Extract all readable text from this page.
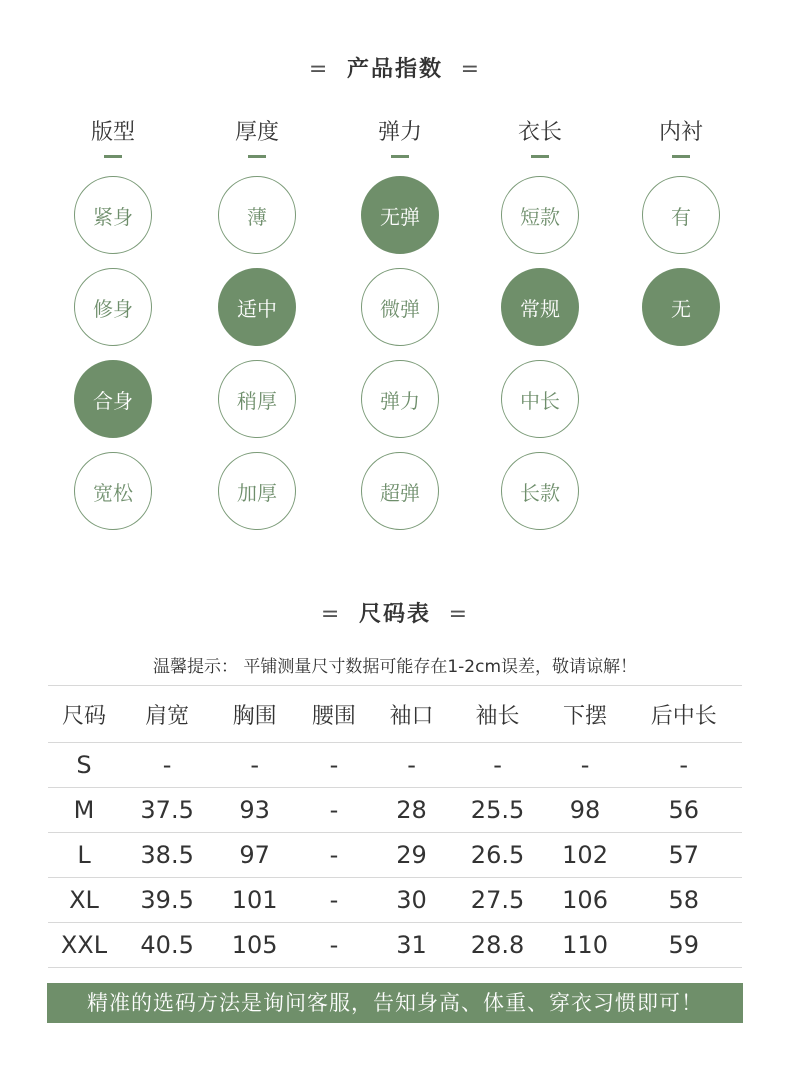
= 产品指数 =
版型
紧身
修身
合身
宽松
厚度
薄
适中
稍厚
加厚
弹力
无弹
微弹
弹力
超弹
衣长
短款
常规
中长
长款
内衬
有
无
= 尺码表 =
温馨提示： 平铺测量尺寸数据可能存在1-2cm误差，敬请谅解！
尺码	肩宽	胸围	腰围	袖口	袖长	下摆	后中长
S	-	-	-	-	-	-	-
M	37.5	93	-	28	25.5	98	56
L	38.5	97	-	29	26.5	102	57
XL	39.5	101	-	30	27.5	106	58
XXL	40.5	105	-	31	28.8	110	59
精准的选码方法是询问客服，告知身高、体重、穿衣习惯即可！
